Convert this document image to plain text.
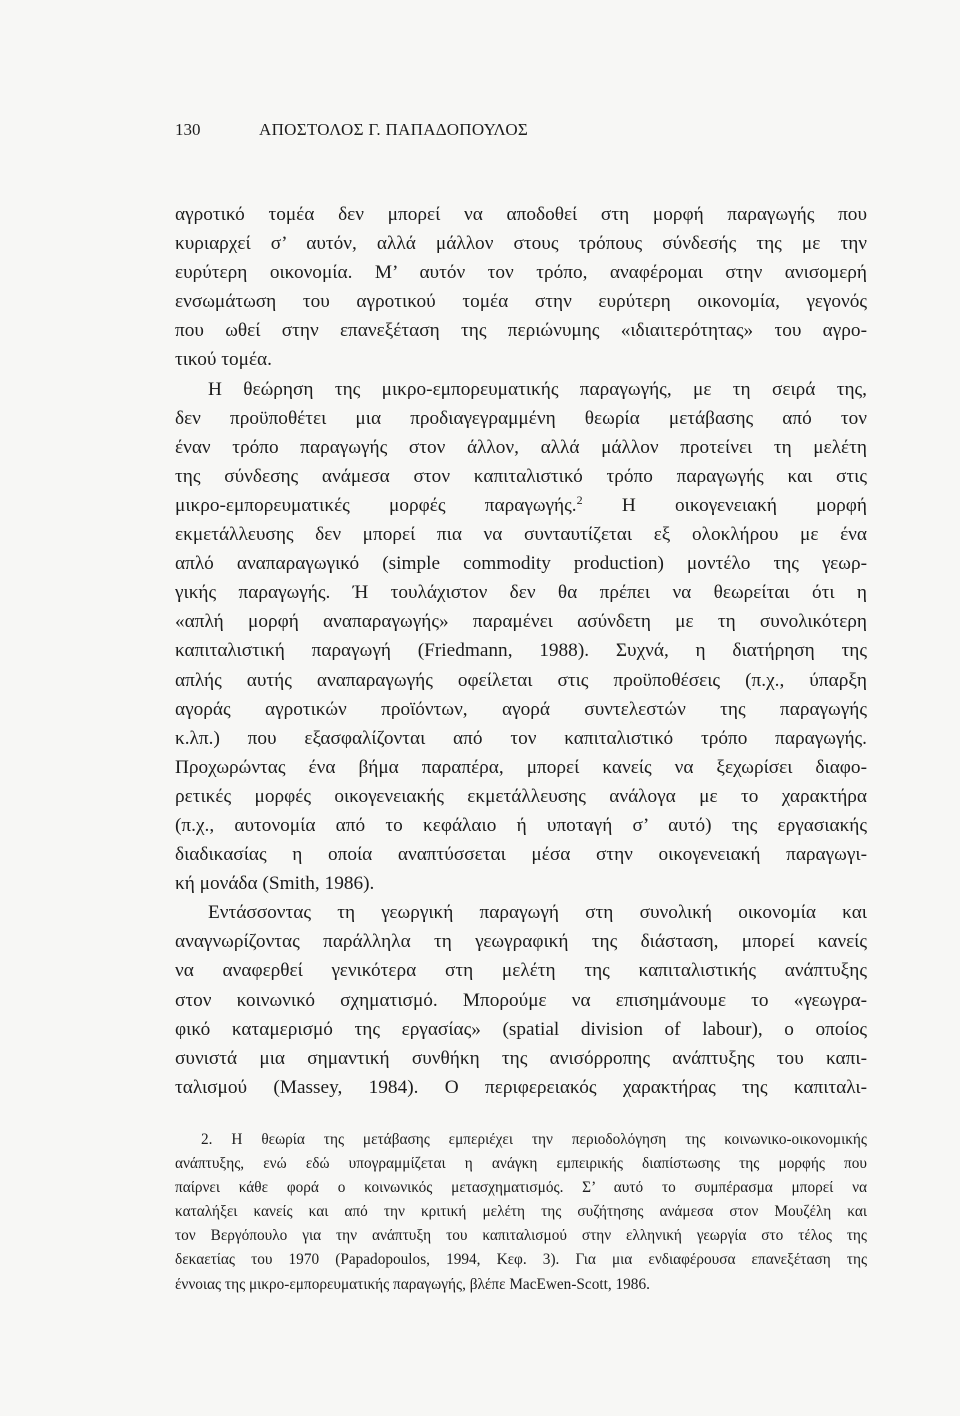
130	ΑΠΟΣΤΟΛΟΣ Γ. ΠΑΠΑΔΟΠΟΥΛΟΣ
αγροτικό τομέα δεν μπορεί να αποδοθεί στη μορφή παραγωγής που
κυριαρχεί σ’ αυτόν, αλλά μάλλον στους τρόπους σύνδεσής της με την
ευρύτερη οικονομία. Μ’ αυτόν τον τρόπο, αναφέρομαι στην ανισομερή
ενσωμάτωση του αγροτικού τομέα στην ευρύτερη οικονομία, γεγονός
που ωθεί στην επανεξέταση της περιώνυμης «ιδιαιτερότητας» του αγρο-
τικού τομέα.
Η θεώρηση της μικρο-εμπορευματικής παραγωγής, με τη σειρά της,
δεν προϋποθέτει μια προδιαγεγραμμένη θεωρία μετάβασης από τον
έναν τρόπο παραγωγής στον άλλον, αλλά μάλλον προτείνει τη μελέτη
της σύνδεσης ανάμεσα στον καπιταλιστικό τρόπο παραγωγής και στις
μικρο-εμπορευματικές μορφές παραγωγής.$^2$ Η οικογενειακή μορφή
εκμετάλλευσης δεν μπορεί πια να συνταυτίζεται εξ ολοκλήρου με ένα
απλό αναπαραγωγικό (simple commodity production) μοντέλο της γεωρ-
γικής παραγωγής. Ή τουλάχιστον δεν θα πρέπει να θεωρείται ότι η
«απλή μορφή αναπαραγωγής» παραμένει ασύνδετη με τη συνολικότερη
καπιταλιστική παραγωγή (Friedmann, 1988). Συχνά, η διατήρηση της
απλής αυτής αναπαραγωγής οφείλεται στις προϋποθέσεις (π.χ., ύπαρξη
αγοράς αγροτικών προϊόντων, αγορά συντελεστών της παραγωγής
κ.λπ.) που εξασφαλίζονται από τον καπιταλιστικό τρόπο παραγωγής.
Προχωρώντας ένα βήμα παραπέρα, μπορεί κανείς να ξεχωρίσει διαφο-
ρετικές μορφές οικογενειακής εκμετάλλευσης ανάλογα με το χαρακτήρα
(π.χ., αυτονομία από το κεφάλαιο ή υποταγή σ’ αυτό) της εργασιακής
διαδικασίας η οποία αναπτύσσεται μέσα στην οικογενειακή παραγωγι-
κή μονάδα (Smith, 1986).
Εντάσσοντας τη γεωργική παραγωγή στη συνολική οικονομία και
αναγνωρίζοντας παράλληλα τη γεωγραφική της διάσταση, μπορεί κανείς
να αναφερθεί γενικότερα στη μελέτη της καπιταλιστικής ανάπτυξης
στον κοινωνικό σχηματισμό. Μπορούμε να επισημάνουμε το «γεωγρα-
φικό καταμερισμό της εργασίας» (spatial division of labour), ο οποίος
συνιστά μια σημαντική συνθήκη της ανισόρροπης ανάπτυξης του καπι-
ταλισμού (Massey, 1984). Ο περιφερειακός χαρακτήρας της καπιταλι-
2. Η θεωρία της μετάβασης εμπεριέχει την περιοδολόγηση της κοινωνικο-οικονομικής
ανάπτυξης, ενώ εδώ υπογραμμίζεται η ανάγκη εμπειρικής διαπίστωσης της μορφής που
παίρνει κάθε φορά ο κοινωνικός μετασχηματισμός. Σ’ αυτό το συμπέρασμα μπορεί να
καταλήξει κανείς και από την κριτική μελέτη της συζήτησης ανάμεσα στον Μουζέλη και
τον Βεργόπουλο για την ανάπτυξη του καπιταλισμού στην ελληνική γεωργία στο τέλος της
δεκαετίας του 1970 (Papadopoulos, 1994, Κεφ. 3). Για μια ενδιαφέρουσα επανεξέταση της
έννοιας της μικρο-εμπορευματικής παραγωγής, βλέπε MacEwen-Scott, 1986.
